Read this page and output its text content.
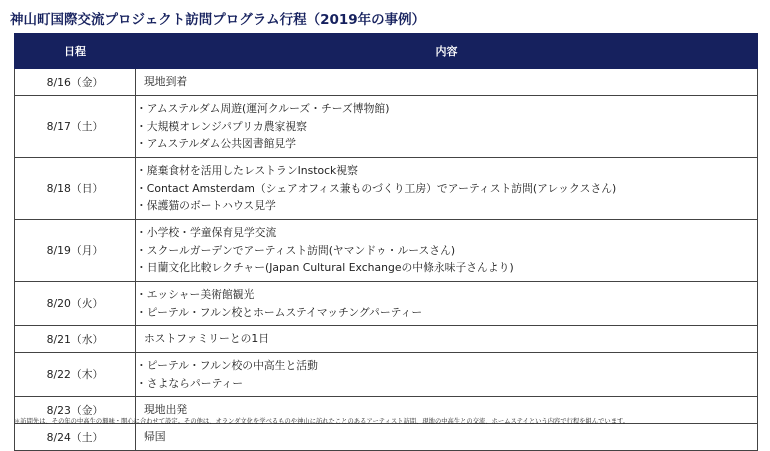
神山町国際交流プロジェクト訪問プログラム行程（2019年の事例）
日程	内容
8/16（金）	現地到着

8/17（土）	・アムステルダム周遊(運河クルーズ・チーズ博物館)
・大規模オレンジパプリカ農家視察
・アムステルダム公共図書館見学

8/18（日）	・廃棄食材を活用したレストランInstock視察
・Contact Amsterdam（シェアオフィス兼ものづくり工房）でアーティスト訪問(アレックスさん)
・保護猫のボートハウス見学

8/19（月）	・小学校・学童保育見学交流
・スクールガーデンでアーティスト訪問(ヤマンドゥ・ルースさん)
・日蘭文化比較レクチャー(Japan Cultural Exchangeの中條永味子さんより)

8/20（火）	・エッシャー美術館観光
・ピーテル・フルン校とホームステイマッチングパーティー

8/21（水）	ホストファミリーとの1日

8/22（木）	・ピーテル・フルン校の中高生と活動
・さよならパーティー

8/23（金）	現地出発

8/24（土）	帰国
＊訪問先は、その年の中高生の興味・関心に合わせて設定。その他は、オランダ文化を学べるものや神山に訪れたことのあるアーティスト訪問、現地の中高生との交流、ホームステイという内容で行程を組んでいます。
